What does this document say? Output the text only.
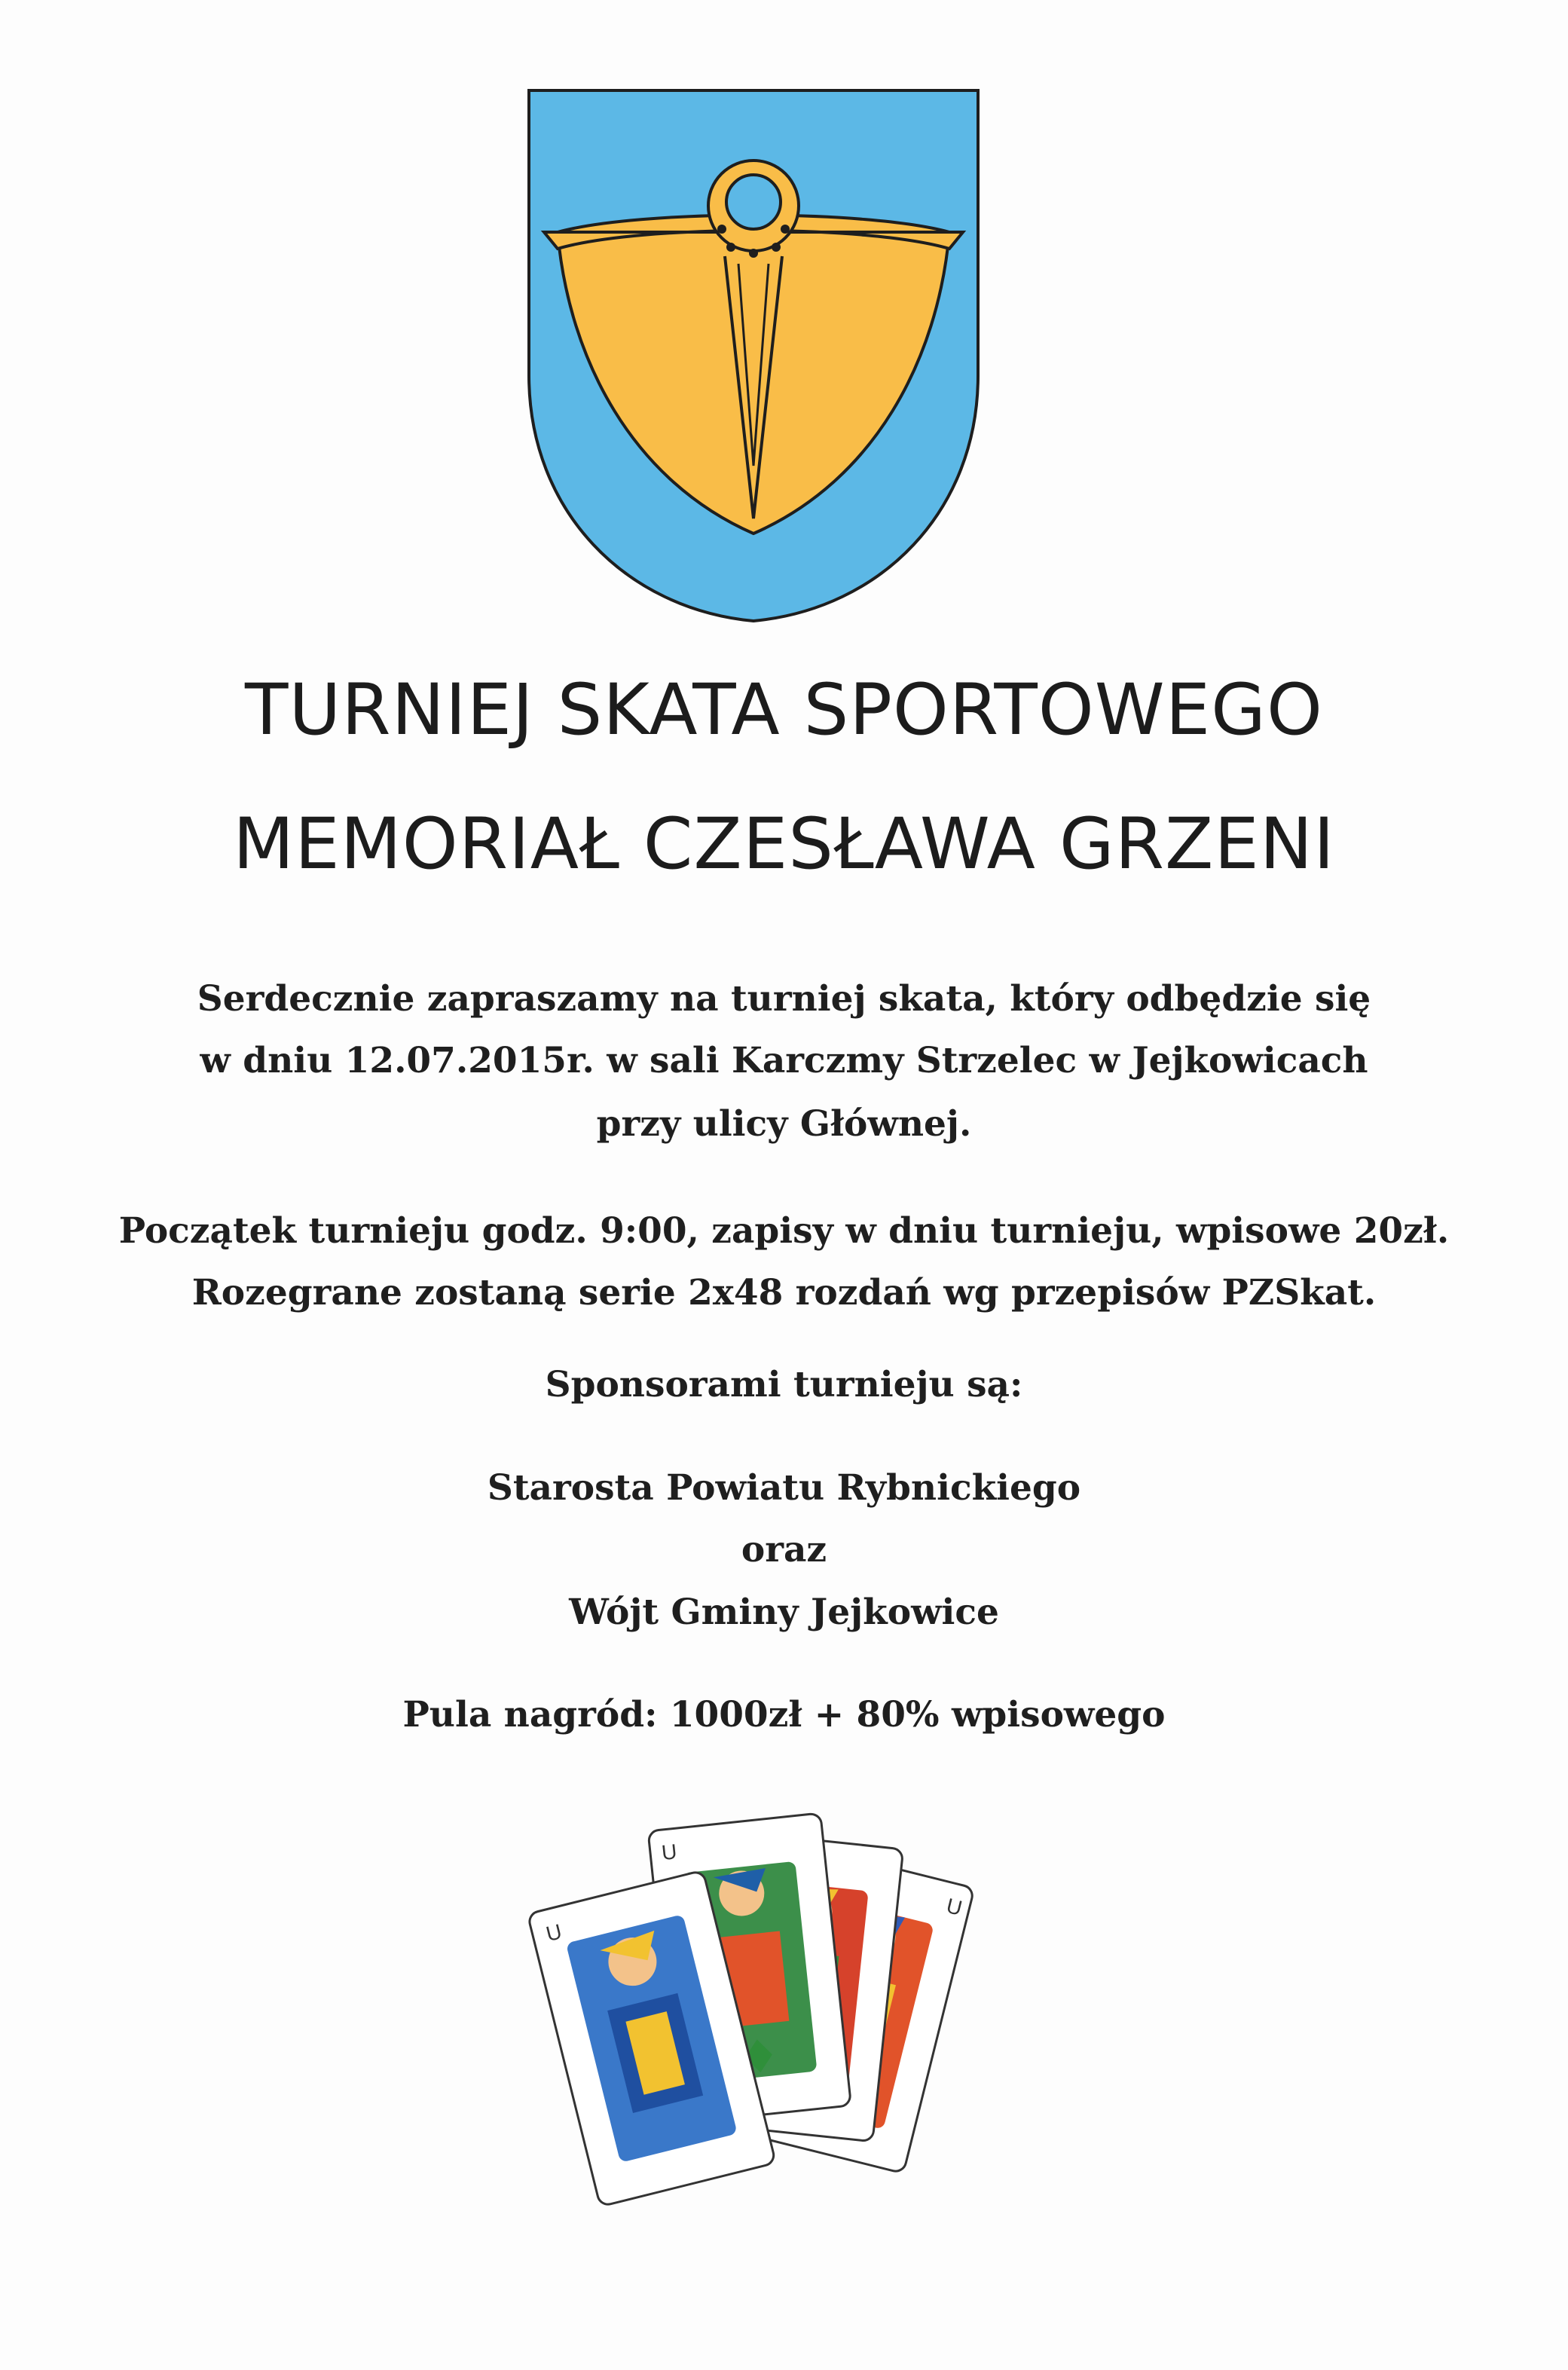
TURNIEJ SKATA SPORTOWEGO
MEMORIAŁ CZESŁAWA GRZENI
Serdecznie zapraszamy na turniej skata, który odbędzie się
w dniu 12.07.2015r. w sali Karczmy Strzelec w Jejkowicach
przy ulicy Głównej.
Początek turnieju godz. 9:00, zapisy w dniu turnieju, wpisowe 20zł.
Rozegrane zostaną serie 2x48 rozdań wg przepisów PZSkat.
Sponsorami turnieju są:
Starosta Powiatu Rybnickiego
oraz
Wójt Gminy Jejkowice
Pula nagród: 1000zł + 80% wpisowego
U
U
U
